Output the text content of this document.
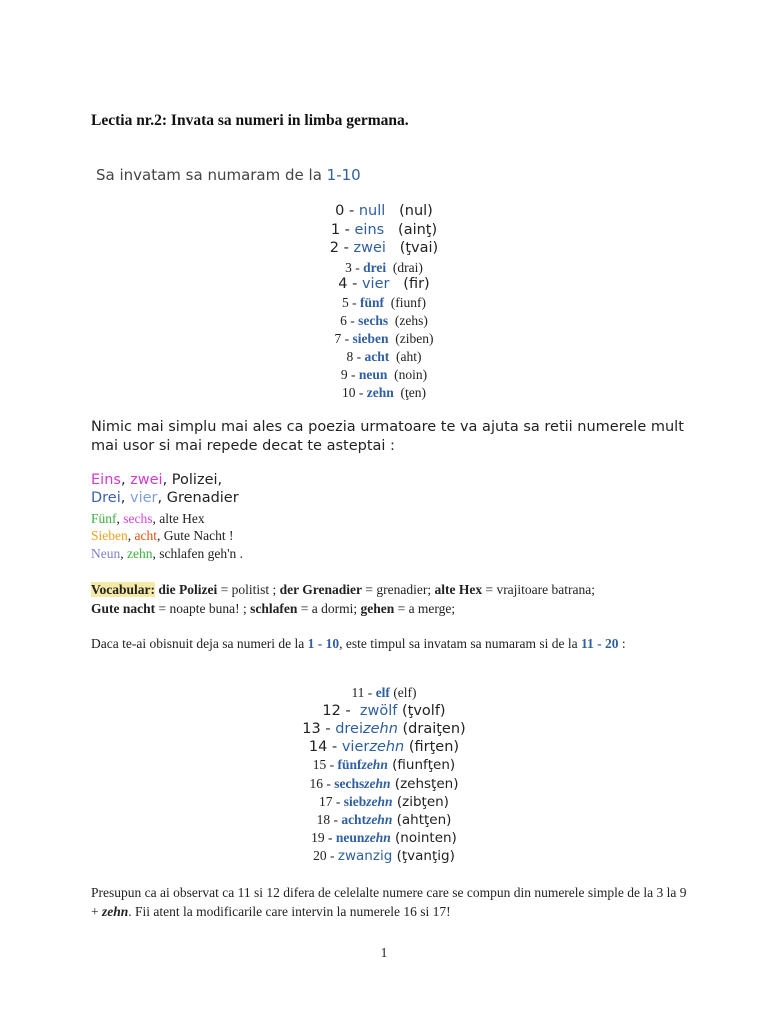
Lectia nr.2: Invata sa numeri in limba germana.
Sa invatam sa numaram de la 1-10
0 - null   (nul)
1 - eins   (ainţ)
2 - zwei   (ţvai)
3 - drei  (drai)
4 - vier   (fir)
5 - fünf  (fiunf)
6 - sechs  (zehs)
7 - sieben  (ziben)
8 - acht  (aht)
9 - neun  (noin)
10 - zehn  (ţen)
Nimic mai simplu mai ales ca poezia urmatoare te va ajuta sa retii numerele mult mai usor si mai repede decat te asteptai :
Eins, zwei, Polizei,
Drei, vier, Grenadier
Fünf, sechs, alte Hex
Sieben, acht, Gute Nacht !
Neun, zehn, schlafen geh'n .
Vocabular: die Polizei = politist ; der Grenadier = grenadier; alte Hex = vrajitoare batrana;
Gute nacht = noapte buna! ; schlafen = a dormi; gehen = a merge;
Daca te-ai obisnuit deja sa numeri de la 1 - 10, este timpul sa invatam sa numaram si de la 11 - 20 :
11 - elf (elf)
12 -  zwölf (ţvolf)
13 - dreizehn (draiţen)
14 - vierzehn (firţen)
15 - fünfzehn (fiunfţen)
16 - sechszehn (zehsţen)
17 - siebzehn (zibţen)
18 - achtzehn (ahtţen)
19 - neunzehn (nointen)
20 - zwanzig (ţvanţig)
Presupun ca ai observat ca 11 si 12 difera de celelalte numere care se compun din numerele simple de la 3 la 9 + zehn. Fii atent la modificarile care intervin la numerele 16 si 17!
1
